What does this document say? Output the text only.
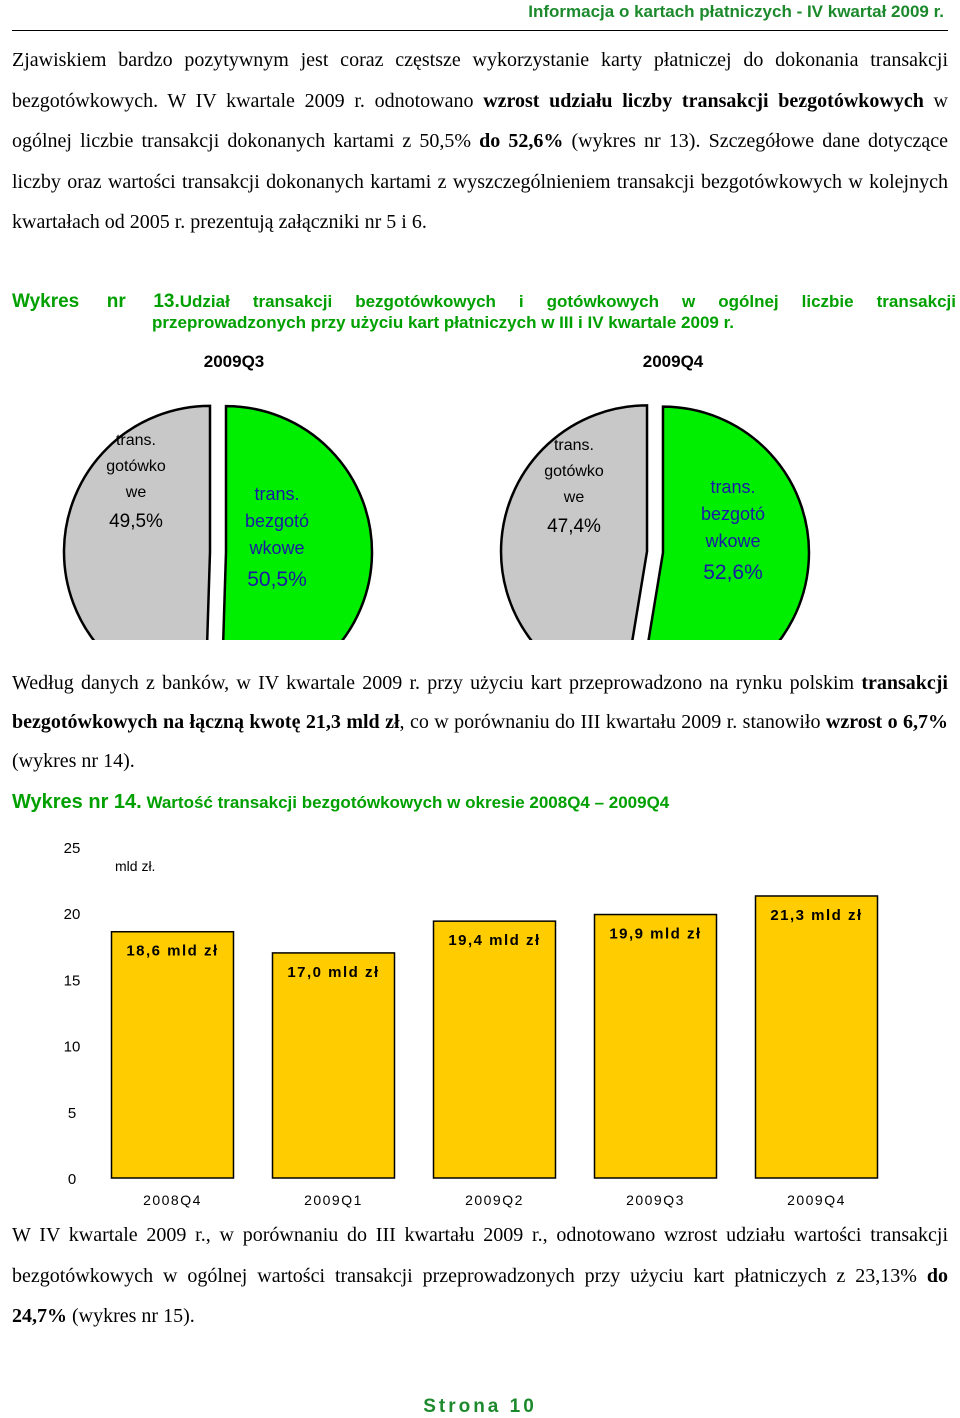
Informacja o kartach płatniczych - IV kwartał 2009 r.

Zjawiskiem bardzo pozytywnym jest coraz częstsze wykorzystanie karty płatniczej do dokonania transakcji bezgotówkowych. W IV kwartale 2009 r. odnotowano wzrost udziału liczby transakcji bezgotówkowych w ogólnej liczbie transakcji dokonanych kartami z 50,5% do 52,6% (wykres nr 13). Szczegółowe dane dotyczące liczby oraz wartości transakcji dokonanych kartami z wyszczególnieniem transakcji bezgotówkowych w kolejnych kwartałach od 2005 r. prezentują załączniki nr 5 i 6.

Wykres nr 13.Udział transakcji bezgotówkowych i gotówkowych w ogólnej liczbie transakcji
przeprowadzonych przy użyciu kart płatniczych w III i IV kwartale 2009 r.
2009Q3	2009Q4
trans.
gotówko
we
49,5%
trans.
bezgotó
wkowe
50,5%
trans.
gotówko
we
47,4%
trans.
bezgotó
wkowe
52,6%

Według danych z banków, w IV kwartale 2009 r. przy użyciu kart przeprowadzono na rynku polskim transakcji bezgotówkowych na łączną kwotę 21,3 mld zł, co w porównaniu do III kwartału 2009 r. stanowiło wzrost o 6,7% (wykres nr 14).

Wykres nr 14. Wartość transakcji bezgotówkowych w okresie 2008Q4 – 2009Q4
0
5
10
15
20
25
mld zł.
18,6 mld zł
2008Q4
17,0 mld zł
2009Q1
19,4 mld zł
2009Q2
19,9 mld zł
2009Q3
21,3 mld zł
2009Q4

W IV kwartale 2009 r., w porównaniu do III kwartału 2009 r., odnotowano wzrost udziału wartości transakcji bezgotówkowych w ogólnej wartości transakcji przeprowadzonych przy użyciu kart płatniczych z 23,13% do 24,7% (wykres nr 15).

Strona 10
